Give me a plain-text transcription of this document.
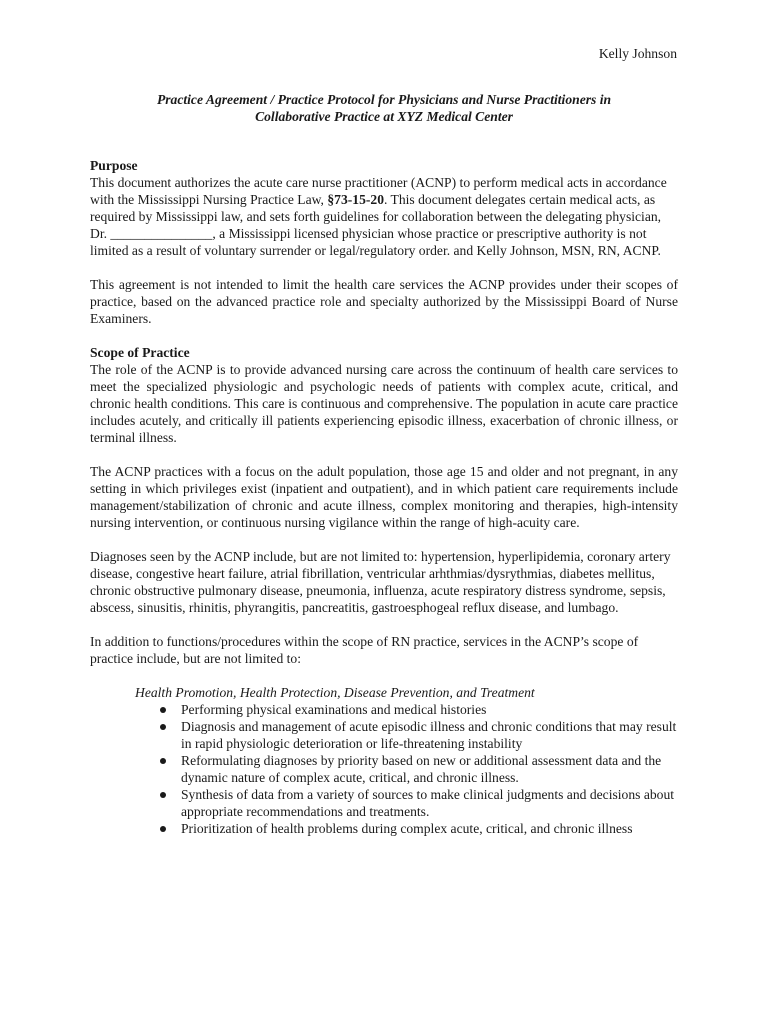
Kelly Johnson
Practice Agreement / Practice Protocol for Physicians and Nurse Practitioners in
Collaborative Practice at XYZ Medical Center
Purpose

This document authorizes the acute care nurse practitioner (ACNP) to perform medical acts in accordance with the Mississippi Nursing Practice Law, §73-15-20. This document delegates certain medical acts, as required by Mississippi law, and sets forth guidelines for collaboration between the delegating physician, Dr. _______________, a Mississippi licensed physician whose practice or prescriptive authority is not limited as a result of voluntary surrender or legal/regulatory order. and Kelly Johnson, MSN, RN, ACNP.

This agreement is not intended to limit the health care services the ACNP provides under their scopes of practice, based on the advanced practice role and specialty authorized by the Mississippi Board of Nurse Examiners.

Scope of Practice

The role of the ACNP is to provide advanced nursing care across the continuum of health care services to meet the specialized physiologic and psychologic needs of patients with complex acute, critical, and chronic health conditions. This care is continuous and comprehensive. The population in acute care practice includes acutely, and critically ill patients experiencing episodic illness, exacerbation of chronic illness, or terminal illness.

The ACNP practices with a focus on the adult population, those age 15 and older and not pregnant, in any setting in which privileges exist (inpatient and outpatient), and in which patient care requirements include management/stabilization of chronic and acute illness, complex monitoring and therapies, high-intensity nursing intervention, or continuous nursing vigilance within the range of high-acuity care.

Diagnoses seen by the ACNP include, but are not limited to: hypertension, hyperlipidemia, coronary artery disease, congestive heart failure, atrial fibrillation, ventricular arhthmias/dysrythmias, diabetes mellitus, chronic obstructive pulmonary disease, pneumonia, influenza, acute respiratory distress syndrome, sepsis, abscess, sinusitis, rhinitis, phyrangitis, pancreatitis, gastroesphogeal reflux disease, and lumbago.

In addition to functions/procedures within the scope of RN practice, services in the ACNP’s scope of practice include, but are not limited to:

Health Promotion, Health Protection, Disease Prevention, and Treatment
Performing physical examinations and medical histories
Diagnosis and management of acute episodic illness and chronic conditions that may result in rapid physiologic deterioration or life-threatening instability
Reformulating diagnoses by priority based on new or additional assessment data and the dynamic nature of complex acute, critical, and chronic illness.
Synthesis of data from a variety of sources to make clinical judgments and decisions about appropriate recommendations and treatments.
Prioritization of health problems during complex acute, critical, and chronic illness
